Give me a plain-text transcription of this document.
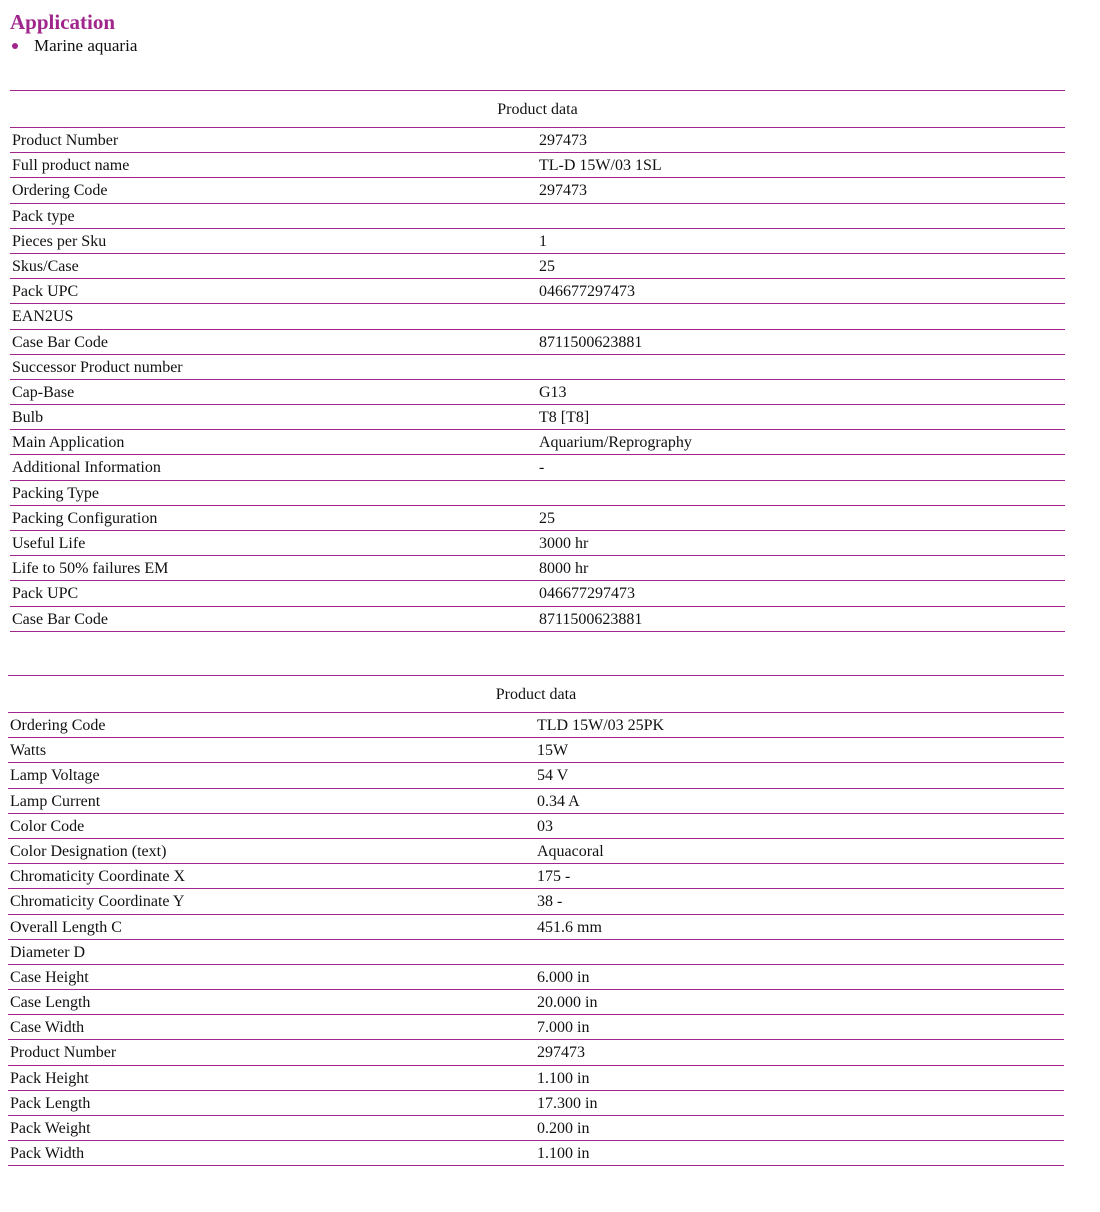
Application
Marine aquaria
Product data
Product Number	297473
Full product name	TL-D 15W/03 1SL
Ordering Code	297473
Pack type
Pieces per Sku	1
Skus/Case	25
Pack UPC	046677297473
EAN2US
Case Bar Code	8711500623881
Successor Product number
Cap-Base	G13
Bulb	T8 [T8]
Main Application	Aquarium/Reprography
Additional Information	-
Packing Type
Packing Configuration	25
Useful Life	3000 hr
Life to 50% failures EM	8000 hr
Pack UPC	046677297473
Case Bar Code	8711500623881
Product data
Ordering Code	TLD 15W/03 25PK
Watts	15W
Lamp Voltage	54 V
Lamp Current	0.34 A
Color Code	03
Color Designation (text)	Aquacoral
Chromaticity Coordinate X	175 -
Chromaticity Coordinate Y	38 -
Overall Length C	451.6 mm
Diameter D
Case Height	6.000 in
Case Length	20.000 in
Case Width	7.000 in
Product Number	297473
Pack Height	1.100 in
Pack Length	17.300 in
Pack Weight	0.200 in
Pack Width	1.100 in
